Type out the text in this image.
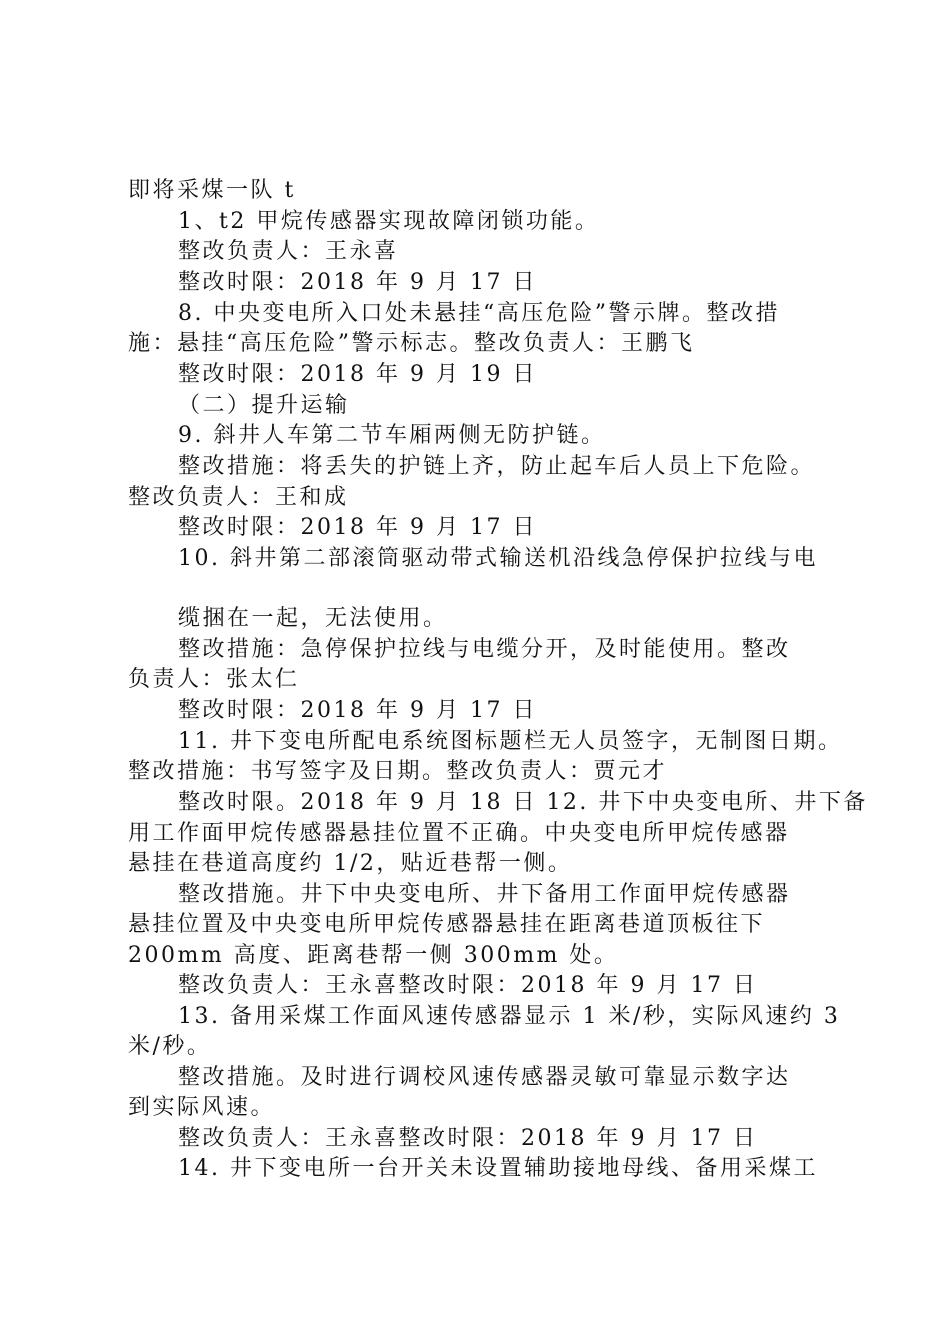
即将采煤一队 t
1、t2 甲烷传感器实现故障闭锁功能。
整改负责人：王永喜
整改时限：2018 年 9 月 17 日
8. 中央变电所入口处未悬挂“高压危险”警示牌。整改措
施：悬挂“高压危险”警示标志。整改负责人：王鹏飞
整改时限：2018 年 9 月 19 日
（二）提升运输
9. 斜井人车第二节车厢两侧无防护链。
整改措施：将丢失的护链上齐，防止起车后人员上下危险。
整改负责人：王和成
整改时限：2018 年 9 月 17 日
10. 斜井第二部滚筒驱动带式输送机沿线急停保护拉线与电
缆捆在一起，无法使用。
整改措施：急停保护拉线与电缆分开，及时能使用。整改
负责人：张太仁
整改时限：2018 年 9 月 17 日
11. 井下变电所配电系统图标题栏无人员签字，无制图日期。
整改措施：书写签字及日期。整改负责人：贾元才
整改时限。2018 年 9 月 18 日 12. 井下中央变电所、井下备
用工作面甲烷传感器悬挂位置不正确。中央变电所甲烷传感器
悬挂在巷道高度约 1/2，贴近巷帮一侧。
整改措施。井下中央变电所、井下备用工作面甲烷传感器
悬挂位置及中央变电所甲烷传感器悬挂在距离巷道顶板往下
200mm 高度、距离巷帮一侧 300mm 处。
整改负责人：王永喜整改时限：2018 年 9 月 17 日
13. 备用采煤工作面风速传感器显示 1 米/秒，实际风速约 3
米/秒。
整改措施。及时进行调校风速传感器灵敏可靠显示数字达
到实际风速。
整改负责人：王永喜整改时限：2018 年 9 月 17 日
14. 井下变电所一台开关未设置辅助接地母线、备用采煤工
